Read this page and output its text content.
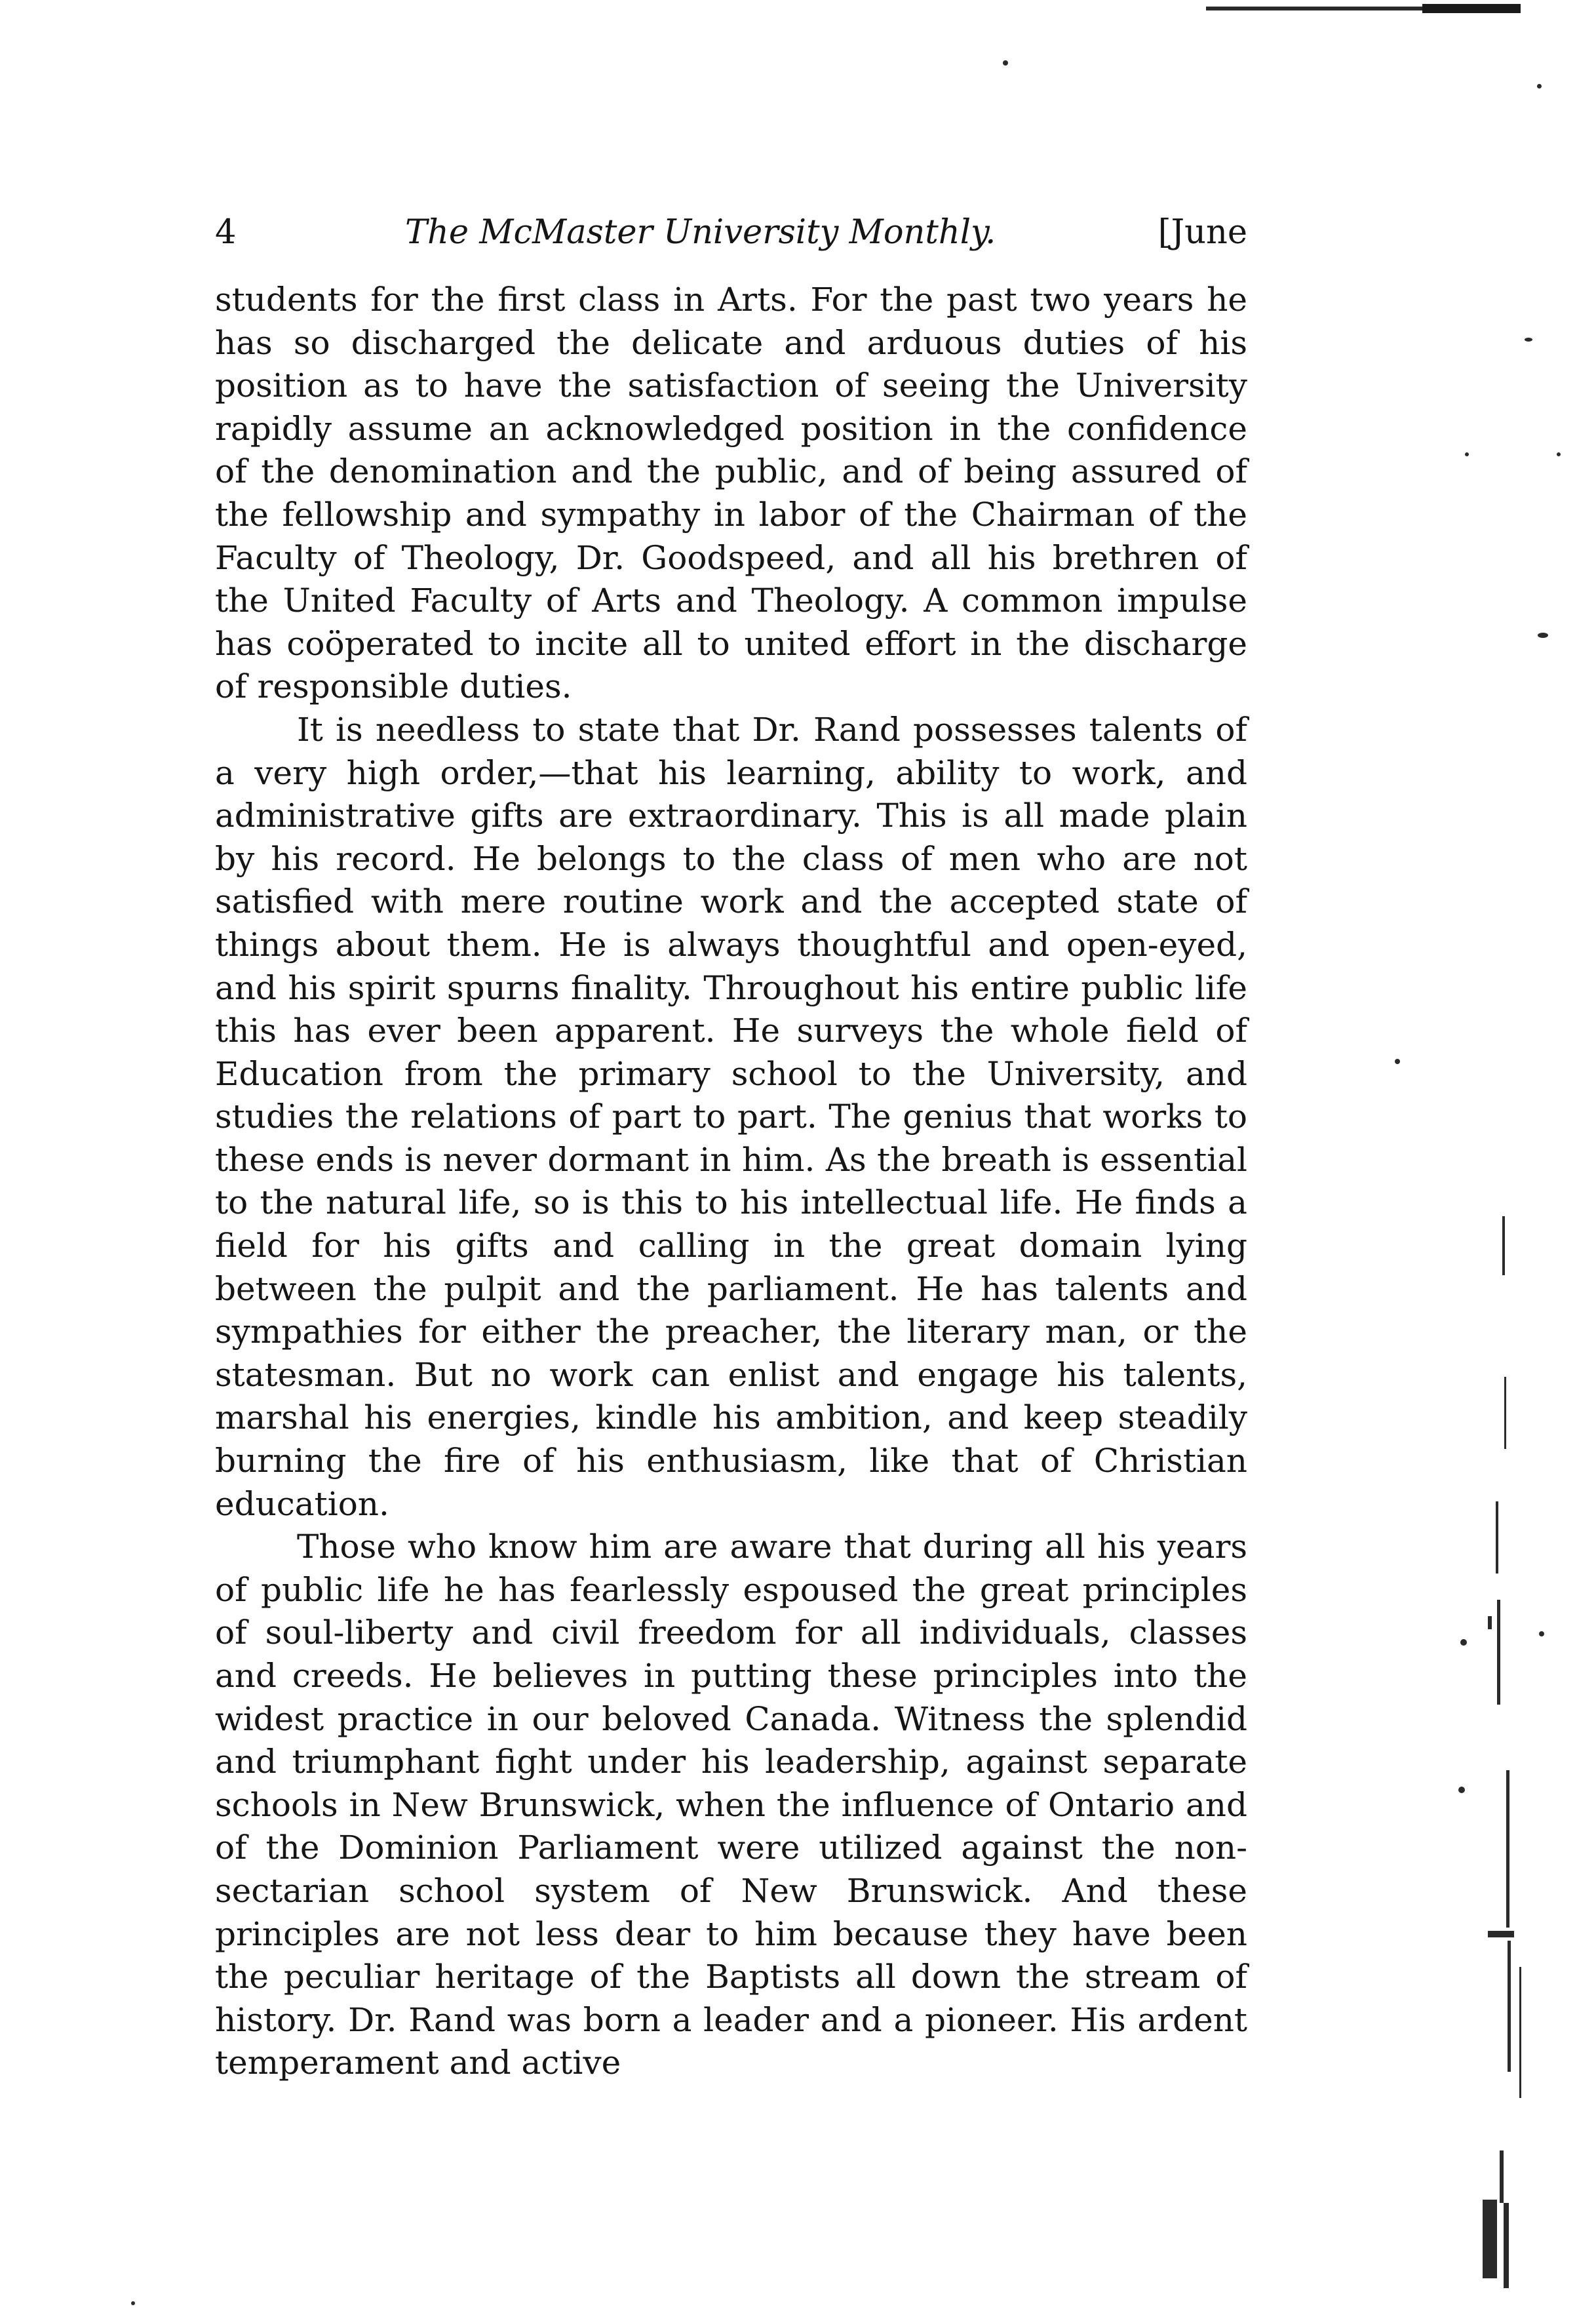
4	The McMaster University Monthly.	[June

students for the first class in Arts. For the past two years he has so discharged the delicate and arduous duties of his position as to have the satisfaction of seeing the University rapidly assume an acknowledged position in the confidence of the denomination and the public, and of being assured of the fellowship and sympathy in labor of the Chairman of the Faculty of Theology, Dr. Goodspeed, and all his brethren of the United Faculty of Arts and Theology. A common impulse has coöperated to incite all to united effort in the discharge of responsible duties.

It is needless to state that Dr. Rand possesses talents of a very high order,—that his learning, ability to work, and administrative gifts are extraordinary. This is all made plain by his record. He belongs to the class of men who are not satisfied with mere routine work and the accepted state of things about them. He is always thoughtful and open-eyed, and his spirit spurns finality. Throughout his entire public life this has ever been apparent. He surveys the whole field of Education from the primary school to the University, and studies the relations of part to part. The genius that works to these ends is never dormant in him. As the breath is essential to the natural life, so is this to his intellectual life. He finds a field for his gifts and calling in the great domain lying between the pulpit and the parliament. He has talents and sympathies for either the preacher, the literary man, or the statesman. But no work can enlist and engage his talents, marshal his energies, kindle his ambition, and keep steadily burning the fire of his enthusiasm, like that of Christian education.

Those who know him are aware that during all his years of public life he has fearlessly espoused the great principles of soul-liberty and civil freedom for all individuals, classes and creeds. He believes in putting these principles into the widest practice in our beloved Canada. Witness the splendid and triumphant fight under his leadership, against separate schools in New Brunswick, when the influence of Ontario and of the Dominion Parliament were utilized against the non-sectarian school system of New Brunswick. And these principles are not less dear to him because they have been the peculiar heritage of the Baptists all down the stream of history. Dr. Rand was born a leader and a pioneer. His ardent temperament and active
